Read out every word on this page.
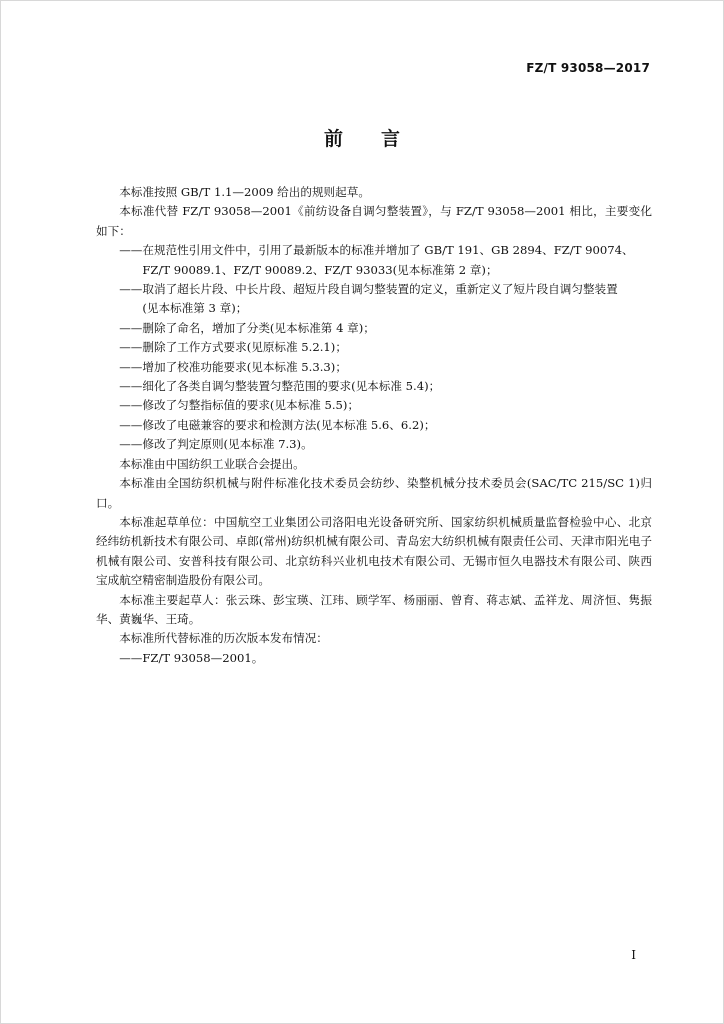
FZ/T 93058—2017
前言

本标准按照 GB/T 1.1—2009 给出的规则起草。

本标准代替 FZ/T 93058—2001《前纺设备自调匀整装置》，与 FZ/T 93058—2001 相比，主要变化如下：

——在规范性引用文件中，引用了最新版本的标准并增加了 GB/T 191、GB 2894、FZ/T 90074、
FZ/T 90089.1、FZ/T 90089.2、FZ/T 93033(见本标准第 2 章)；

——取消了超长片段、中长片段、超短片段自调匀整装置的定义，重新定义了短片段自调匀整装置
(见本标准第 3 章)；

——删除了命名，增加了分类(见本标准第 4 章)；

——删除了工作方式要求(见原标准 5.2.1)；

——增加了校准功能要求(见本标准 5.3.3)；

——细化了各类自调匀整装置匀整范围的要求(见本标准 5.4)；

——修改了匀整指标值的要求(见本标准 5.5)；

——修改了电磁兼容的要求和检测方法(见本标准 5.6、6.2)；

——修改了判定原则(见本标准 7.3)。

本标准由中国纺织工业联合会提出。

本标准由全国纺织机械与附件标准化技术委员会纺纱、染整机械分技术委员会(SAC/TC 215/SC 1)归口。

本标准起草单位：中国航空工业集团公司洛阳电光设备研究所、国家纺织机械质量监督检验中心、北京经纬纺机新技术有限公司、卓郎(常州)纺织机械有限公司、青岛宏大纺织机械有限责任公司、天津市阳光电子机械有限公司、安普科技有限公司、北京纺科兴业机电技术有限公司、无锡市恒久电器技术有限公司、陕西宝成航空精密制造股份有限公司。

本标准主要起草人：张云珠、彭宝瑛、江玮、顾学军、杨丽丽、曾育、蒋志斌、孟祥龙、周济恒、隽振华、黄巍华、王琦。

本标准所代替标准的历次版本发布情况：

——FZ/T 93058—2001。

I
